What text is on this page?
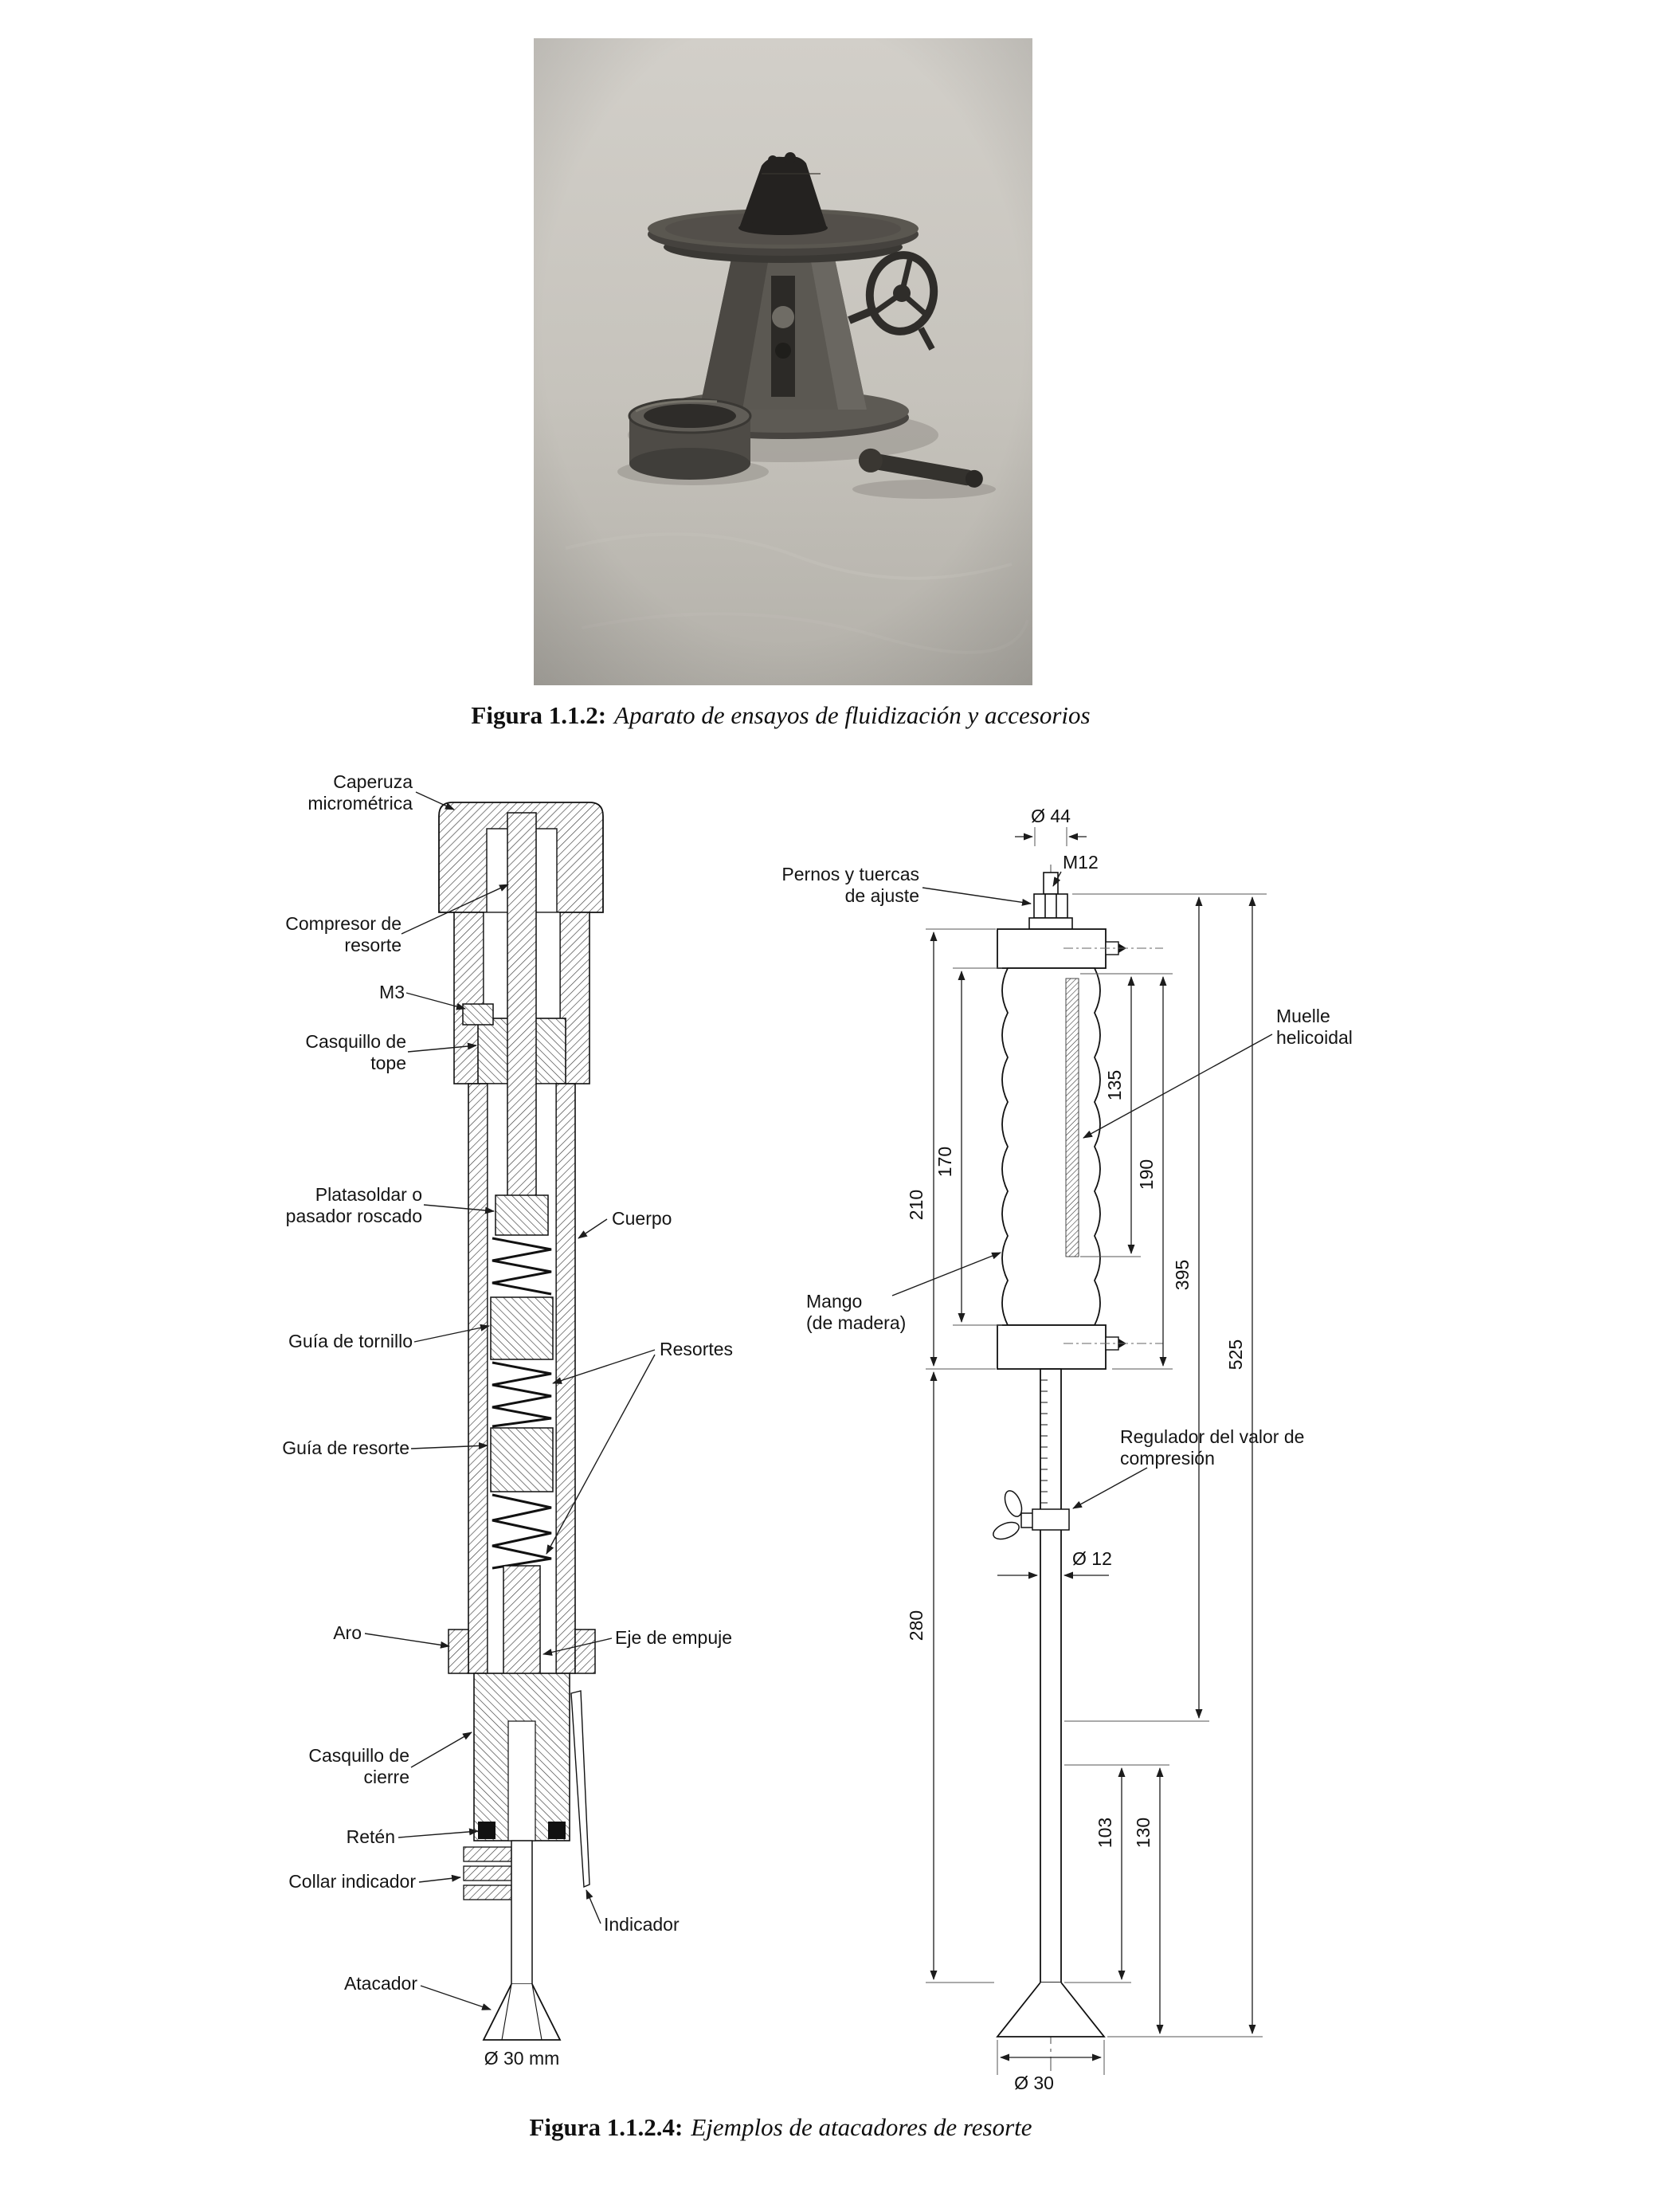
Figura 1.1.2: Aparato de ensayos de fluidización y accesorios
Caperuza
micrométrica
Compresor de
resorte
M3
Casquillo de
tope
Platasoldar o
pasador roscado	Cuerpo
Guía de tornillo	Resortes
Guía de resorte
Aro	Eje de empuje
Casquillo de
cierre
Retén
Collar indicador
Indicador
Atacador
Ø 30 mm
Ø 44
M12
170
210
135
190
395
525
280
103 130
Ø 12
Ø 30
Pernos y tuercas
de ajuste
Muelle
helicoidal
Mango
(de madera)
Regulador del valor de
compresión
Figura 1.1.2.4: Ejemplos de atacadores de resorte
